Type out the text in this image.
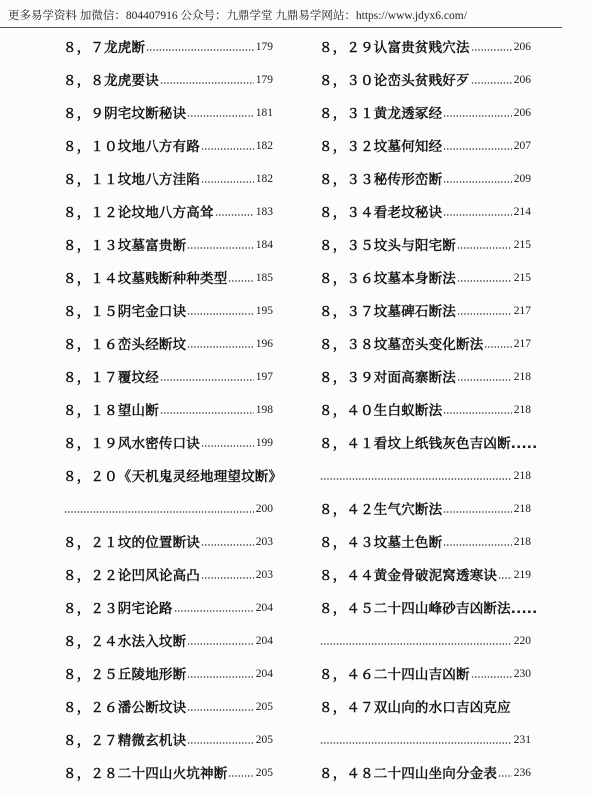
更多易学资料 加微信：804407916 公众号：九鼎学堂 九鼎易学网站：https://www.jdyx6.com/
８，７龙虎断	179
８，８龙虎要诀	179
８，９阴宅坟断秘诀	181
８，１０坟地八方有路	182
８，１１坟地八方洼陷	182
８，１２论坟地八方高耸	183
８，１３坟墓富贵断	184
８，１４坟墓贱断种种类型 185
８，１５阴宅金口诀	195
８，１６峦头经断坟	196
８，１７覆坟经	197
８，１８望山断	198
８，１９风水密传口诀	199
８，２０《天机鬼灵经地理望坟断》
200
８，２１坟的位置断诀	203
８，２２论凹风论高凸	203
８，２３阴宅论路	204
８，２４水法入坟断	204
８，２５丘陵地形断	204
８，２６潘公断坟诀	205
８，２７精微玄机诀	205
８，２８二十四山火坑神断 205
８，２９认富贵贫贱穴法	206
８，３０论峦头贫贱好歹	206
８，３１黄龙透冢经	206
８，３２坟墓何知经	207
８，３３秘传形峦断	209
８，３４看老坟秘诀	214
８，３５坟头与阳宅断	215
８，３６坟墓本身断法	215
８，３７坟墓碑石断法	217
８，３８坟墓峦头变化断法	217
８，３９对面高寨断法	218
８，４０生白蚁断法	218
８，４１看坟上纸钱灰色吉凶断.....
218
８，４２生气穴断法	218
８，４３坟墓土色断	218
８，４４黄金骨破泥窝透寒诀 219
８，４５二十四山峰砂吉凶断法.....
220
８，４６二十四山吉凶断	230
８，４７双山向的水口吉凶克应
231
８，４８二十四山坐向分金表 236
